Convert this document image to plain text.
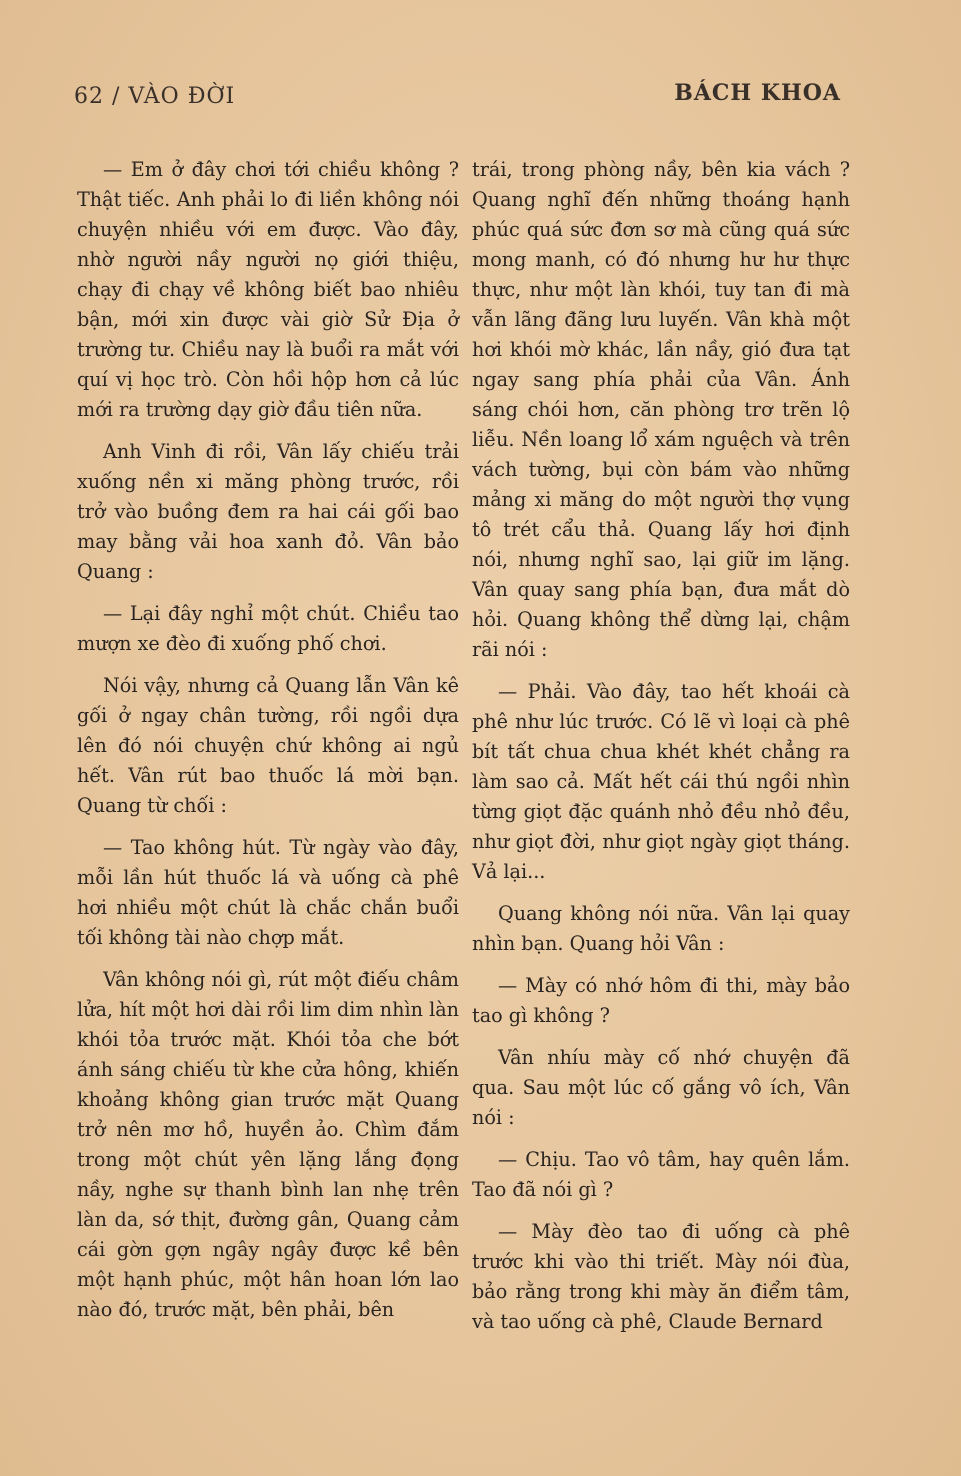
62 / VÀO ĐỜI	BÁCH KHOA

— Em ở đây chơi tới chiều không ? Thật tiếc. Anh phải lo đi liền không nói chuyện nhiều với em được. Vào đây, nhờ người nầy người nọ giới thiệu, chạy đi chạy về không biết bao nhiêu bận, mới xin được vài giờ Sử Địa ở trường tư. Chiều nay là buổi ra mắt với quí vị học trò. Còn hồi hộp hơn cả lúc mới ra trường dạy giờ đầu tiên nữa.

Anh Vinh đi rồi, Vân lấy chiếu trải xuống nền xi măng phòng trước, rồi trở vào buồng đem ra hai cái gối bao may bằng vải hoa xanh đỏ. Vân bảo Quang :

— Lại đây nghỉ một chút. Chiều tao mượn xe đèo đi xuống phố chơi.

Nói vậy, nhưng cả Quang lẫn Vân kê gối ở ngay chân tường, rồi ngồi dựa lên đó nói chuyện chứ không ai ngủ hết. Vân rút bao thuốc lá mời bạn. Quang từ chối :

— Tao không hút. Từ ngày vào đây, mỗi lần hút thuốc lá và uống cà phê hơi nhiều một chút là chắc chắn buổi tối không tài nào chợp mắt.

Vân không nói gì, rút một điếu châm lửa, hít một hơi dài rồi lim dim nhìn làn khói tỏa trước mặt. Khói tỏa che bớt ánh sáng chiếu từ khe cửa hông, khiến khoảng không gian trước mặt Quang trở nên mơ hồ, huyền ảo. Chìm đắm trong một chút yên lặng lắng đọng nầy, nghe sự thanh bình lan nhẹ trên làn da, sớ thịt, đường gân, Quang cảm cái gờn gợn ngây ngây được kề bên một hạnh phúc, một hân hoan lớn lao nào đó, trước mặt, bên phải, bên

trái, trong phòng nầy, bên kia vách ? Quang nghĩ đến những thoáng hạnh phúc quá sức đơn sơ mà cũng quá sức mong manh, có đó nhưng hư hư thực thực, như một làn khói, tuy tan đi mà vẫn lãng đãng lưu luyến. Vân khà một hơi khói mờ khác, lần nầy, gió đưa tạt ngay sang phía phải của Vân. Ánh sáng chói hơn, căn phòng trơ trẽn lộ liễu. Nền loang lổ xám nguệch và trên vách tường, bụi còn bám vào những mảng xi măng do một người thợ vụng tô trét cẩu thả. Quang lấy hơi định nói, nhưng nghĩ sao, lại giữ im lặng. Vân quay sang phía bạn, đưa mắt dò hỏi. Quang không thể dừng lại, chậm rãi nói :

— Phải. Vào đây, tao hết khoái cà phê như lúc trước. Có lẽ vì loại cà phê bít tất chua chua khét khét chẳng ra làm sao cả. Mất hết cái thú ngồi nhìn từng giọt đặc quánh nhỏ đều nhỏ đều, như giọt đời, như giọt ngày giọt tháng. Vả lại...

Quang không nói nữa. Vân lại quay nhìn bạn. Quang hỏi Vân :

— Mày có nhớ hôm đi thi, mày bảo tao gì không ?

Vân nhíu mày cố nhớ chuyện đã qua. Sau một lúc cố gắng vô ích, Vân nói :

— Chịu. Tao vô tâm, hay quên lắm. Tao đã nói gì ?

— Mày đèo tao đi uống cà phê trước khi vào thi triết. Mày nói đùa, bảo rằng trong khi mày ăn điểm tâm, và tao uống cà phê, Claude Bernard
